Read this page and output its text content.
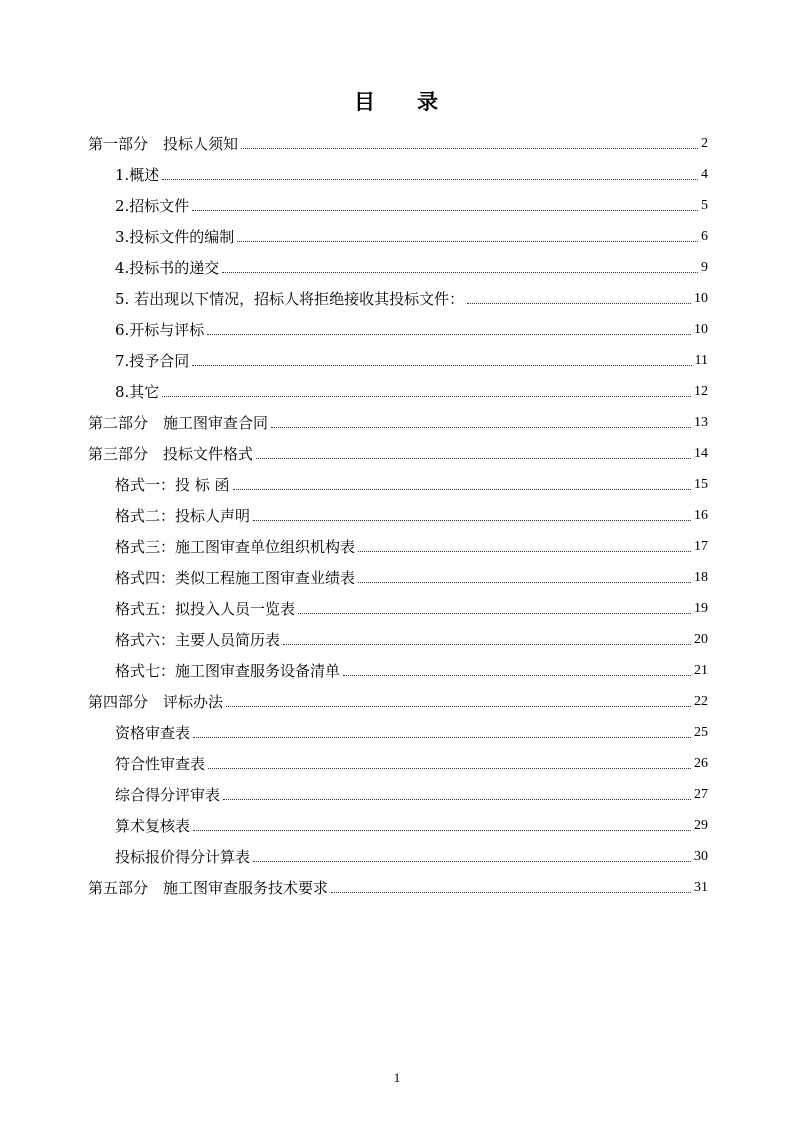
目 录
第一部分　投标人须知	2
1.概述	4
2.招标文件	5
3.投标文件的编制	6
4.投标书的递交	9
5. 若出现以下情况，招标人将拒绝接收其投标文件：	10
6.开标与评标	10
7.授予合同	11
8.其它	12
第二部分　施工图审查合同	13
第三部分　投标文件格式	14
格式一：投 标 函	15
格式二：投标人声明	16
格式三：施工图审查单位组织机构表	17
格式四：类似工程施工图审查业绩表	18
格式五：拟投入人员一览表	19
格式六：主要人员简历表	20
格式七：施工图审查服务设备清单	21
第四部分　评标办法	22
资格审查表	25
符合性审查表	26
综合得分评审表	27
算术复核表	29
投标报价得分计算表	30
第五部分　施工图审查服务技术要求	31
1
